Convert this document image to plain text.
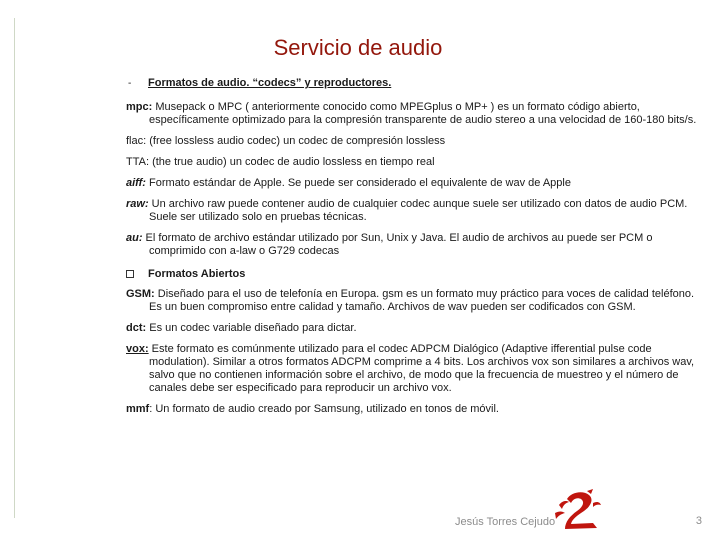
Servicio de audio
- Formatos de audio. “codecs” y reproductores.
mpc: Musepack o MPC ( anteriormente conocido como MPEGplus o MP+ ) es un formato código abierto, específicamente optimizado para la compresión transparente de audio stereo a una velocidad de 160-180 bits/s.
flac: (free lossless audio codec) un codec de compresión lossless
TTA: (the true audio) un codec de audio lossless en tiempo real
aiff: Formato estándar de Apple. Se puede ser considerado el equivalente de wav de Apple
raw: Un archivo raw puede contener audio de cualquier codec aunque suele ser utilizado con datos de audio PCM. Suele ser utilizado solo en pruebas técnicas.
au: El formato de archivo estándar utilizado por Sun, Unix y Java. El audio de archivos au puede ser PCM o comprimido con a-law o G729 codecas
Formatos Abiertos
GSM: Diseñado para el uso de telefonía en Europa. gsm es un formato muy práctico para voces de calidad teléfono. Es un buen compromiso entre calidad y tamaño. Archivos de wav pueden ser codificados con GSM.
dct: Es un codec variable diseñado para dictar.
vox: Este formato es comúnmente utilizado para el codec ADPCM Dialógico (Adaptive ifferential pulse code modulation). Similar a otros formatos ADCPM comprime a 4 bits. Los archivos vox son similares a archivos wav, salvo que no contienen información sobre el archivo, de modo que la frecuencia de muestreo y el número de canales debe ser especificado para reproducir un archivo vox.
mmf: Un formato de audio creado por Samsung, utilizado en tonos de móvil.
Jesús Torres Cejudo	3
